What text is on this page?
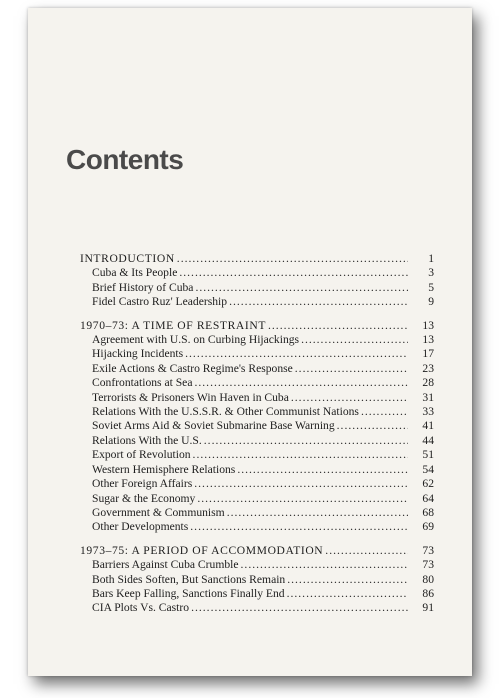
Contents
INTRODUCTION .....	1
Cuba & Its People .....	3
Brief History of Cuba .....	5
Fidel Castro Ruz' Leadership .....	9
1970–73: A TIME OF RESTRAINT .....	13
Agreement with U.S. on Curbing Hijackings .....	13
Hijacking Incidents .....	17
Exile Actions & Castro Regime's Response .....	23
Confrontations at Sea .....	28
Terrorists & Prisoners Win Haven in Cuba .....	31
Relations With the U.S.S.R. & Other Communist Nations .....	33
Soviet Arms Aid & Soviet Submarine Base Warning .....	41
Relations With the U.S. .....	44
Export of Revolution .....	51
Western Hemisphere Relations .....	54
Other Foreign Affairs .....	62
Sugar & the Economy .....	64
Government & Communism .....	68
Other Developments .....	69
1973–75: A PERIOD OF ACCOMMODATION .....	73
Barriers Against Cuba Crumble .....	73
Both Sides Soften, But Sanctions Remain .....	80
Bars Keep Falling, Sanctions Finally End .....	86
CIA Plots Vs. Castro .....	91
